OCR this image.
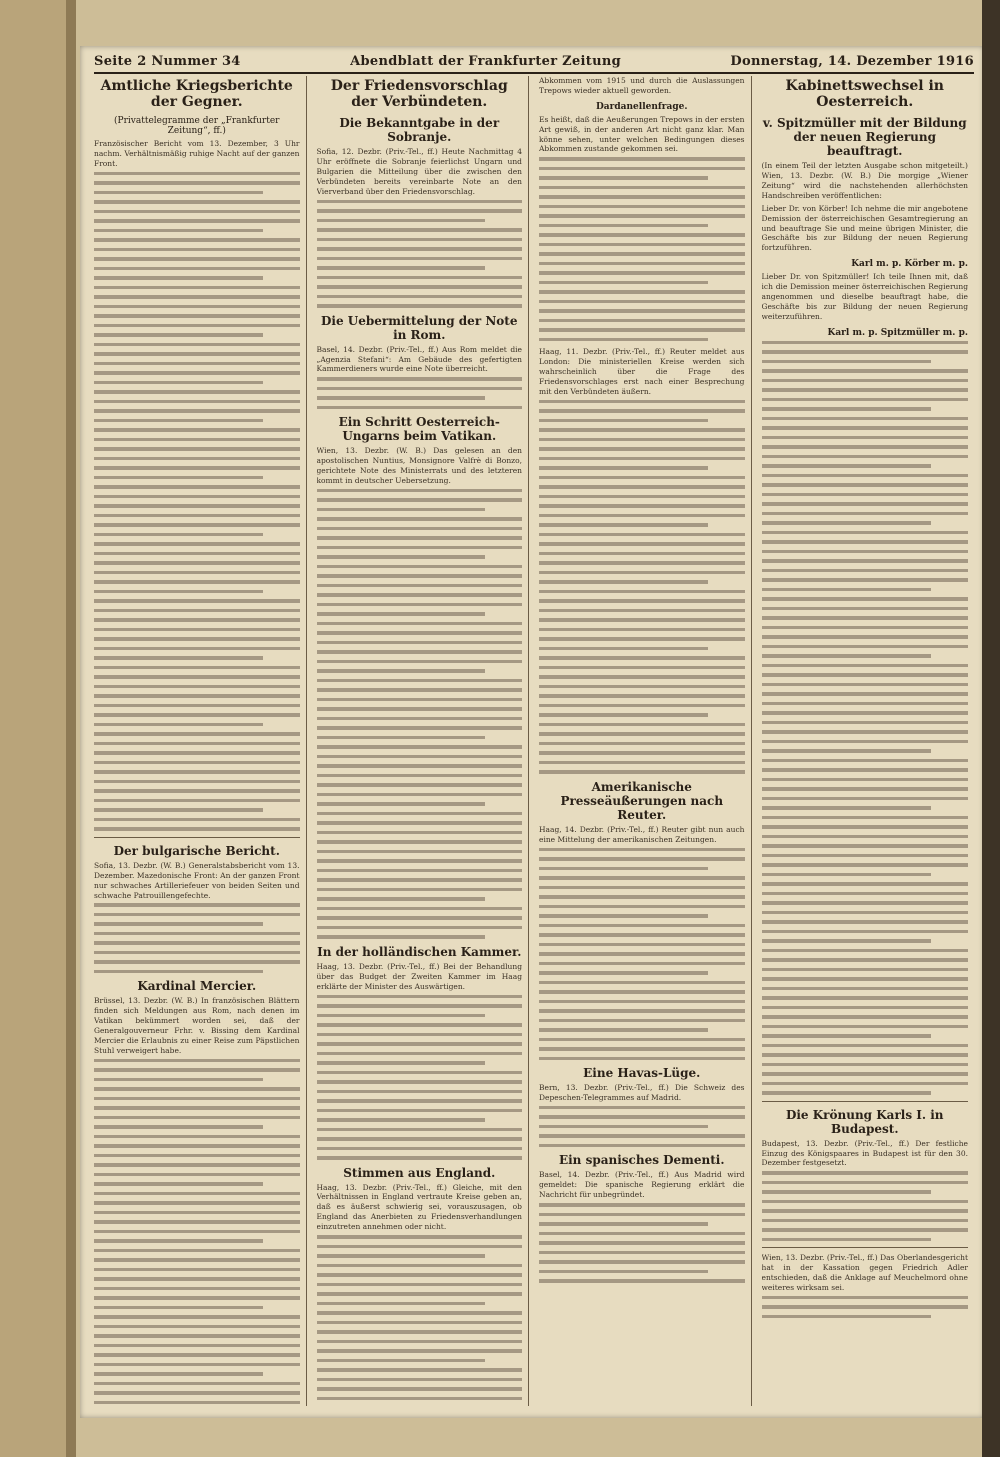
Seite 2 Nummer 34	Abendblatt der Frankfurter Zeitung	Donnerstag, 14. Dezember 1916
Amtliche Kriegsberichte der Gegner.
(Privattelegramme der „Frankfurter Zeitung“, ff.)

Französischer Bericht vom 13. Dezember, 3 Uhr nachm. Verhältnismäßig ruhige Nacht auf der ganzen Front.

Der bulgarische Bericht.

Sofia, 13. Dezbr. (W. B.) Generalstabsbericht vom 13. Dezember. Mazedonische Front: An der ganzen Front nur schwaches Artilleriefeuer von beiden Seiten und schwache Patrouillengefechte.

Kardinal Mercier.

Brüssel, 13. Dezbr. (W. B.) In französischen Blättern finden sich Meldungen aus Rom, nach denen im Vatikan bekümmert worden sei, daß der Generalgouverneur Frhr. v. Bissing dem Kardinal Mercier die Erlaubnis zu einer Reise zum Päpstlichen Stuhl verweigert habe.

Der Friedensvorschlag der Verbündeten.
Die Bekanntgabe in der Sobranje.

Sofia, 12. Dezbr. (Priv.-Tel., ff.) Heute Nachmittag 4 Uhr eröffnete die Sobranje feierlichst Ungarn und Bulgarien die Mitteilung über die zwischen den Verbündeten bereits vereinbarte Note an den Vierverband über den Friedensvorschlag.

Die Uebermittelung der Note in Rom.

Basel, 14. Dezbr. (Priv.-Tel., ff.) Aus Rom meldet die „Agenzia Stefani“: Am Gebäude des gefertigten Kammerdieners wurde eine Note überreicht.

Ein Schritt Oesterreich-Ungarns beim Vatikan.

Wien, 13. Dezbr. (W. B.) Das gelesen an den apostolischen Nuntius, Monsignore Valfrè di Bonzo, gerichtete Note des Ministerrats und des letzteren kommt in deutscher Uebersetzung.

In der holländischen Kammer.

Haag, 13. Dezbr. (Priv.-Tel., ff.) Bei der Behandlung über das Budget der Zweiten Kammer im Haag erklärte der Minister des Auswärtigen.

Stimmen aus England.

Haag, 13. Dezbr. (Priv.-Tel., ff.) Gleiche, mit den Verhältnissen in England vertraute Kreise geben an, daß es äußerst schwierig sei, vorauszusagen, ob England das Anerbieten zu Friedensverhandlungen einzutreten annehmen oder nicht.

Abkommen vom 1915 und durch die Auslassungen Trepows wieder aktuell geworden.

Dardanellenfrage.

Es heißt, daß die Aeußerungen Trepows in der ersten Art gewiß, in der anderen Art nicht ganz klar. Man könne sehen, unter welchen Bedingungen dieses Abkommen zustande gekommen sei.

Haag, 11. Dezbr. (Priv.-Tel., ff.) Reuter meldet aus London: Die ministeriellen Kreise werden sich wahrscheinlich über die Frage des Friedensvorschlages erst nach einer Besprechung mit den Verbündeten äußern.

Amerikanische Presseäußerungen nach Reuter.

Haag, 14. Dezbr. (Priv.-Tel., ff.) Reuter gibt nun auch eine Mittelung der amerikanischen Zeitungen.

Eine Havas-Lüge.

Bern, 13. Dezbr. (Priv.-Tel., ff.) Die Schweiz des Depeschen-Telegrammes auf Madrid.

Ein spanisches Dementi.

Basel, 14. Dezbr. (Priv.-Tel., ff.) Aus Madrid wird gemeldet: Die spanische Regierung erklärt die Nachricht für unbegründet.

Kabinettswechsel in Oesterreich.
v. Spitzmüller mit der Bildung der neuen Regierung beauftragt.

(In einem Teil der letzten Ausgabe schon mitgeteilt.) Wien, 13. Dezbr. (W. B.) Die morgige „Wiener Zeitung“ wird die nachstehenden allerhöchsten Handschreiben veröffentlichen:

Lieber Dr. von Körber! Ich nehme die mir angebotene Demission der österreichischen Gesamtregierung an und beauftrage Sie und meine übrigen Minister, die Geschäfte bis zur Bildung der neuen Regierung fortzuführen.

Karl m. p. Körber m. p.

Lieber Dr. von Spitzmüller! Ich teile Ihnen mit, daß ich die Demission meiner österreichischen Regierung angenommen und dieselbe beauftragt habe, die Geschäfte bis zur Bildung der neuen Regierung weiterzuführen.

Karl m. p. Spitzmüller m. p.
Die Krönung Karls I. in Budapest.

Budapest, 13. Dezbr. (Priv.-Tel., ff.) Der festliche Einzug des Königspaares in Budapest ist für den 30. Dezember festgesetzt.

Wien, 13. Dezbr. (Priv.-Tel., ff.) Das Oberlandesgericht hat in der Kassation gegen Friedrich Adler entschieden, daß die Anklage auf Meuchelmord ohne weiteres wirksam sei.
